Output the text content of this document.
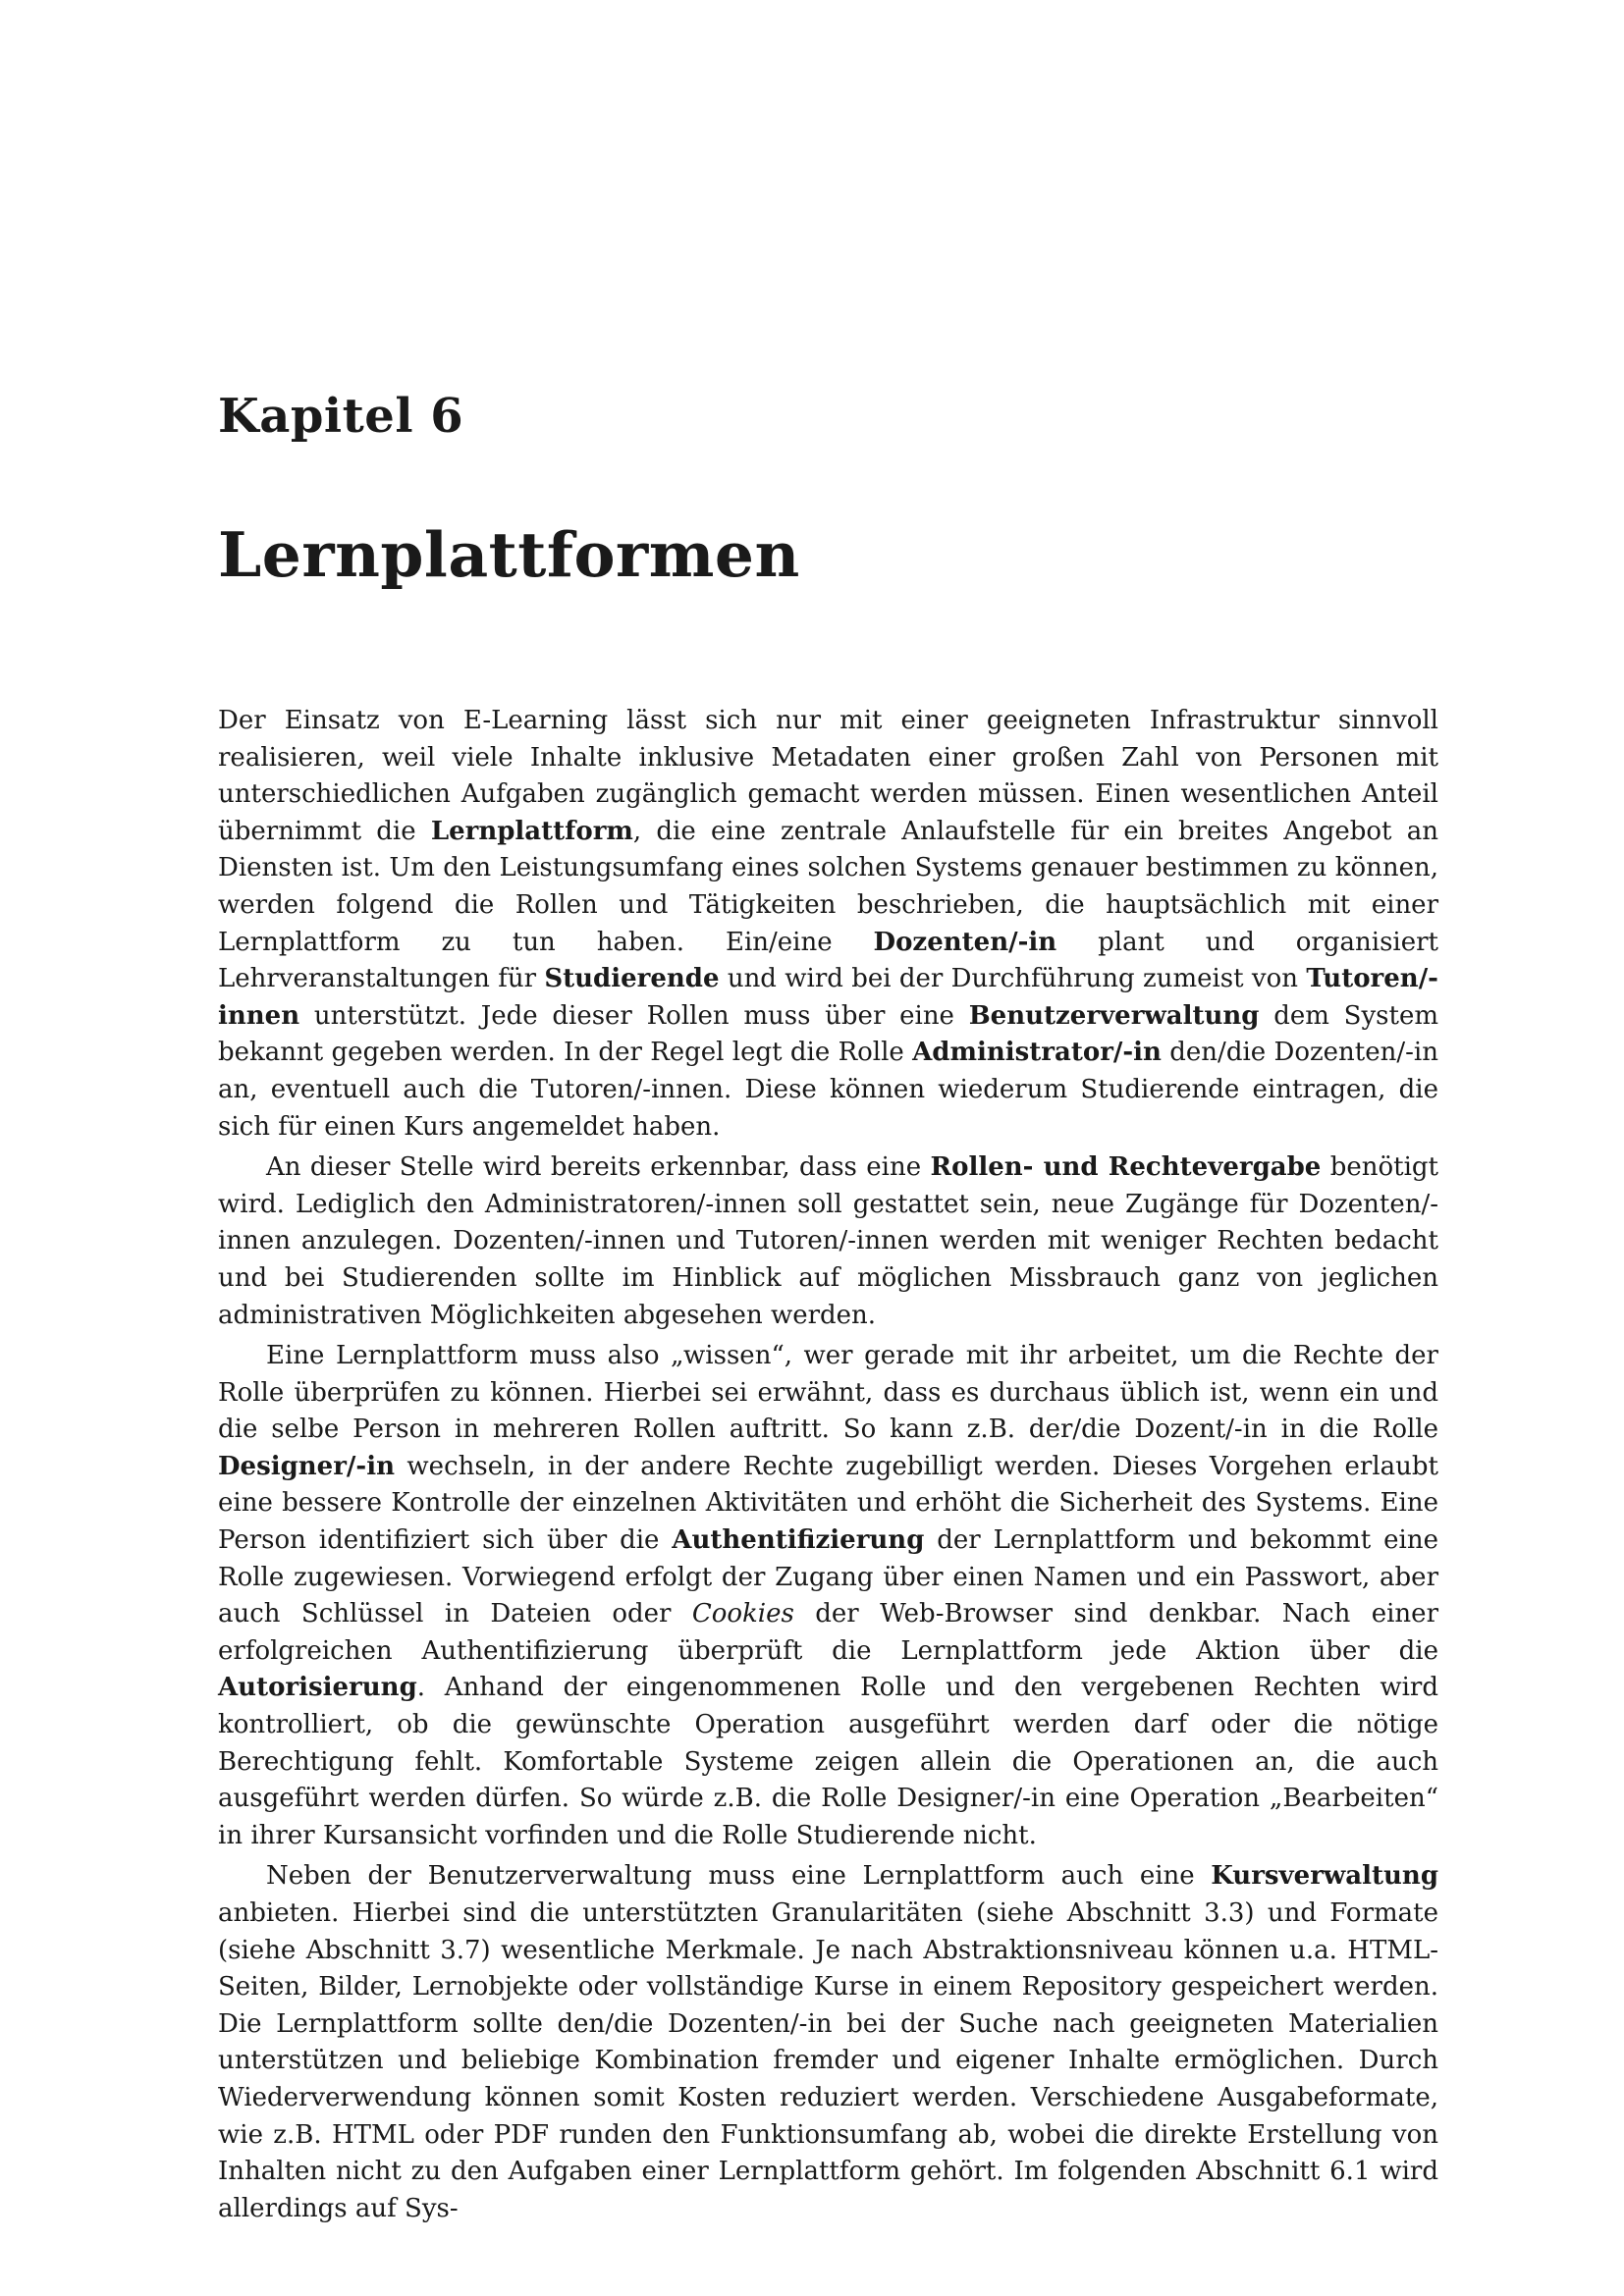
Kapitel 6
Lernplattformen

Der Einsatz von E-Learning lässt sich nur mit einer geeigneten Infrastruktur sinnvoll realisieren, weil viele Inhalte inklusive Metadaten einer großen Zahl von Personen mit unterschiedlichen Aufgaben zugänglich gemacht werden müssen. Einen wesentlichen Anteil übernimmt die Lernplattform, die eine zentrale Anlaufstelle für ein breites Angebot an Diensten ist. Um den Leistungsumfang eines solchen Systems genauer bestimmen zu können, werden folgend die Rollen und Tätigkeiten beschrieben, die hauptsächlich mit einer Lernplattform zu tun haben. Ein/eine Dozenten/-in plant und organisiert Lehrveranstaltungen für Studierende und wird bei der Durchführung zumeist von Tutoren/-innen unterstützt. Jede dieser Rollen muss über eine Benutzerverwaltung dem System bekannt gegeben werden. In der Regel legt die Rolle Administrator/-in den/die Dozenten/-in an, eventuell auch die Tutoren/-innen. Diese können wiederum Studierende eintragen, die sich für einen Kurs angemeldet haben.

An dieser Stelle wird bereits erkennbar, dass eine Rollen- und Rechtevergabe benötigt wird. Lediglich den Administratoren/-innen soll gestattet sein, neue Zugänge für Dozenten/-innen anzulegen. Dozenten/-innen und Tutoren/-innen werden mit weniger Rechten bedacht und bei Studierenden sollte im Hinblick auf möglichen Missbrauch ganz von jeglichen administrativen Möglichkeiten abgesehen werden.

Eine Lernplattform muss also „wissen“, wer gerade mit ihr arbeitet, um die Rechte der Rolle überprüfen zu können. Hierbei sei erwähnt, dass es durchaus üblich ist, wenn ein und die selbe Person in mehreren Rollen auftritt. So kann z.B. der/die Dozent/-in in die Rolle Designer/-in wechseln, in der andere Rechte zugebilligt werden. Dieses Vorgehen erlaubt eine bessere Kontrolle der einzelnen Aktivitäten und erhöht die Sicherheit des Systems. Eine Person identifiziert sich über die Authentifizierung der Lernplattform und bekommt eine Rolle zugewiesen. Vorwiegend erfolgt der Zugang über einen Namen und ein Passwort, aber auch Schlüssel in Dateien oder Cookies der Web-Browser sind denkbar. Nach einer erfolgreichen Authentifizierung überprüft die Lernplattform jede Aktion über die Autorisierung. Anhand der eingenommenen Rolle und den vergebenen Rechten wird kontrolliert, ob die gewünschte Operation ausgeführt werden darf oder die nötige Berechtigung fehlt. Komfortable Systeme zeigen allein die Operationen an, die auch ausgeführt werden dürfen. So würde z.B. die Rolle Designer/-in eine Operation „Bearbeiten“ in ihrer Kursansicht vorfinden und die Rolle Studierende nicht.

Neben der Benutzerverwaltung muss eine Lernplattform auch eine Kursverwaltung anbieten. Hierbei sind die unterstützten Granularitäten (siehe Abschnitt 3.3) und Formate (siehe Abschnitt 3.7) wesentliche Merkmale. Je nach Abstraktionsniveau können u.a. HTML-Seiten, Bilder, Lernobjekte oder vollständige Kurse in einem Repository gespeichert werden. Die Lernplattform sollte den/die Dozenten/-in bei der Suche nach geeigneten Materialien unterstützen und beliebige Kombination fremder und eigener Inhalte ermöglichen. Durch Wiederverwendung können somit Kosten reduziert werden. Verschiedene Ausgabeformate, wie z.B. HTML oder PDF runden den Funktionsumfang ab, wobei die direkte Erstellung von Inhalten nicht zu den Aufgaben einer Lernplattform gehört. Im folgenden Abschnitt 6.1 wird allerdings auf Sys-
